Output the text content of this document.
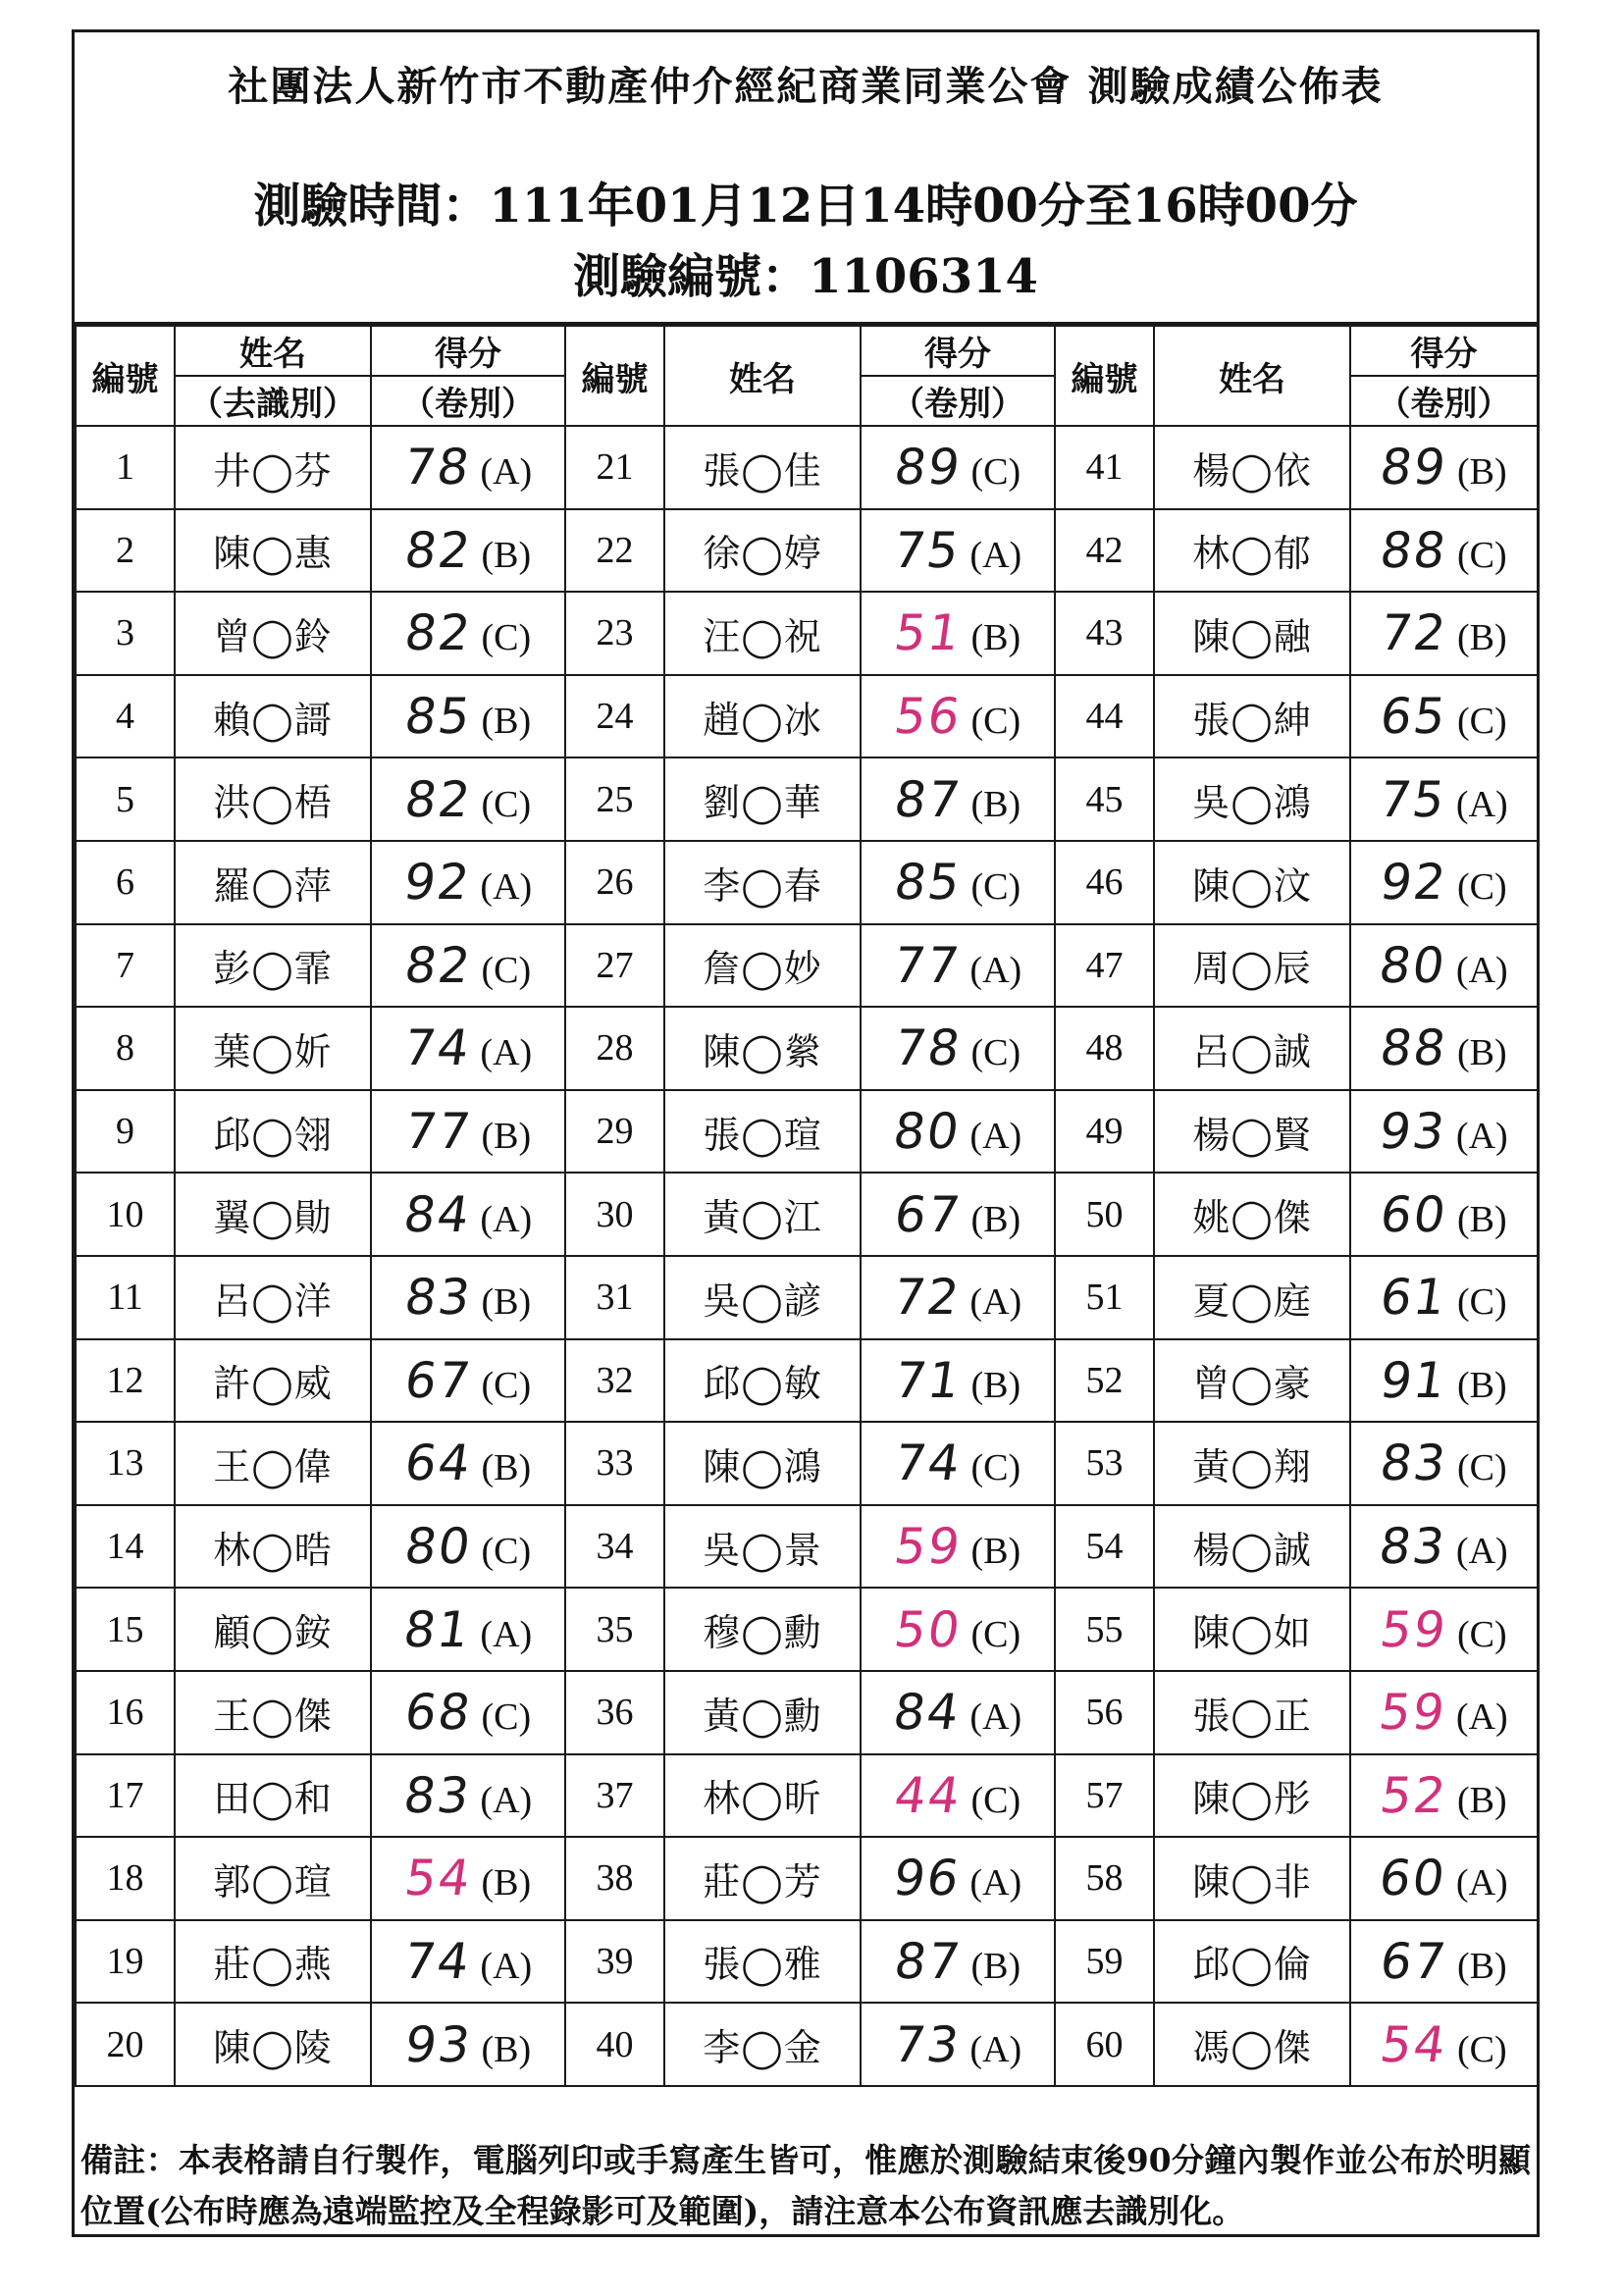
社團法人新竹市不動產仲介經紀商業同業公會 測驗成績公佈表
測驗時間：111年01月12日14時00分至16時00分
測驗編號：1106314
編號	姓名	得分	編號	姓名	得分	編號	姓名	得分
	（去識別）	（卷別）			（卷別）			（卷別）
1	井◯芬	78 (A)	21	張◯佳	89 (C)	41	楊◯依	89 (B)
2	陳◯惠	82 (B)	22	徐◯婷	75 (A)	42	林◯郁	88 (C)
3	曾◯鈴	82 (C)	23	汪◯祝	51 (B)	43	陳◯融	72 (B)
4	賴◯謌	85 (B)	24	趙◯冰	56 (C)	44	張◯紳	65 (C)
5	洪◯梧	82 (C)	25	劉◯華	87 (B)	45	吳◯鴻	75 (A)
6	羅◯萍	92 (A)	26	李◯春	85 (C)	46	陳◯汶	92 (C)
7	彭◯霏	82 (C)	27	詹◯妙	77 (A)	47	周◯辰	80 (A)
8	葉◯妡	74 (A)	28	陳◯縈	78 (C)	48	呂◯誠	88 (B)
9	邱◯翎	77 (B)	29	張◯瑄	80 (A)	49	楊◯賢	93 (A)
10	翼◯勛	84 (A)	30	黃◯江	67 (B)	50	姚◯傑	60 (B)
11	呂◯洋	83 (B)	31	吳◯諺	72 (A)	51	夏◯庭	61 (C)
12	許◯威	67 (C)	32	邱◯敏	71 (B)	52	曾◯豪	91 (B)
13	王◯偉	64 (B)	33	陳◯鴻	74 (C)	53	黃◯翔	83 (C)
14	林◯晧	80 (C)	34	吳◯景	59 (B)	54	楊◯誠	83 (A)
15	顧◯銨	81 (A)	35	穆◯勳	50 (C)	55	陳◯如	59 (C)
16	王◯傑	68 (C)	36	黃◯勳	84 (A)	56	張◯正	59 (A)
17	田◯和	83 (A)	37	林◯昕	44 (C)	57	陳◯彤	52 (B)
18	郭◯瑄	54 (B)	38	莊◯芳	96 (A)	58	陳◯非	60 (A)
19	莊◯燕	74 (A)	39	張◯雅	87 (B)	59	邱◯倫	67 (B)
20	陳◯陵	93 (B)	40	李◯金	73 (A)	60	馮◯傑	54 (C)
備註：本表格請自行製作，電腦列印或手寫產生皆可，惟應於測驗結束後90分鐘內製作並公布於明顯位置(公布時應為遠端監控及全程錄影可及範圍)，請注意本公布資訊應去識別化。
